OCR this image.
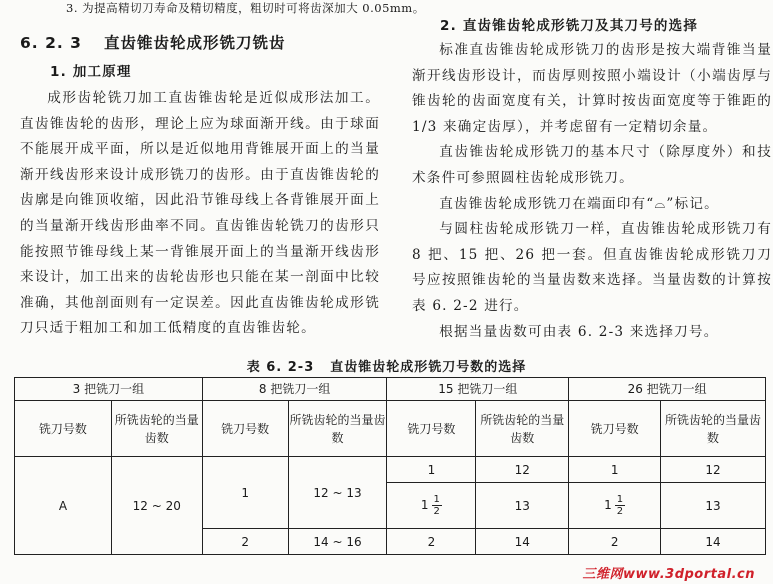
3. 为提高精切刀寿命及精切精度，粗切时可将齿深加大 0.05mm。
6. 2. 3 直齿锥齿轮成形铣刀铣齿
1. 加工原理

成形齿轮铣刀加工直齿锥齿轮是近似成形法加工。直齿锥齿轮的齿形，理论上应为球面渐开线。由于球面不能展开成平面，所以是近似地用背锥展开面上的当量渐开线齿形来设计成形铣刀的齿形。由于直齿锥齿轮的齿廓是向锥顶收缩，因此沿节锥母线上各背锥展开面上的当量渐开线齿形曲率不同。直齿锥齿轮铣刀的齿形只能按照节锥母线上某一背锥展开面上的当量渐开线齿形来设计，加工出来的齿轮齿形也只能在某一剖面中比较准确，其他剖面则有一定误差。因此直齿锥齿轮成形铣刀只适于粗加工和加工低精度的直齿锥齿轮。

2. 直齿锥齿轮成形铣刀及其刀号的选择

标准直齿锥齿轮成形铣刀的齿形是按大端背锥当量渐开线齿形设计，而齿厚则按照小端设计（小端齿厚与锥齿轮的齿面宽度有关，计算时按齿面宽度等于锥距的1/3 来确定齿厚），并考虑留有一定精切余量。

直齿锥齿轮成形铣刀的基本尺寸（除厚度外）和技术条件可参照圆柱齿轮成形铣刀。

直齿锥齿轮成形铣刀在端面印有“⌓”标记。

与圆柱齿轮成形铣刀一样，直齿锥齿轮成形铣刀有 8 把、15 把、26 把一套。但直齿锥齿轮成形铣刀刀号应按照锥齿轮的当量齿数来选择。当量齿数的计算按表 6. 2-2 进行。

根据当量齿数可由表 6. 2-3 来选择刀号。

表 6. 2-3 直齿锥齿轮成形铣刀号数的选择
3 把铣刀一组		8 把铣刀一组		15 把铣刀一组		26 把铣刀一组	
铣刀号数	所铣齿轮的当量齿数	铣刀号数	所铣齿轮的当量齿数	铣刀号数	所铣齿轮的当量齿数	铣刀号数	所铣齿轮的当量齿数
A	12 ~ 20	1	12 ~ 13	1	12	1	12
				$1 \frac{1}{2}$	13	$1 \frac{1}{2}$	13
		2	14 ~ 16	2	14	2	14
三维网www.3dportal.cn
